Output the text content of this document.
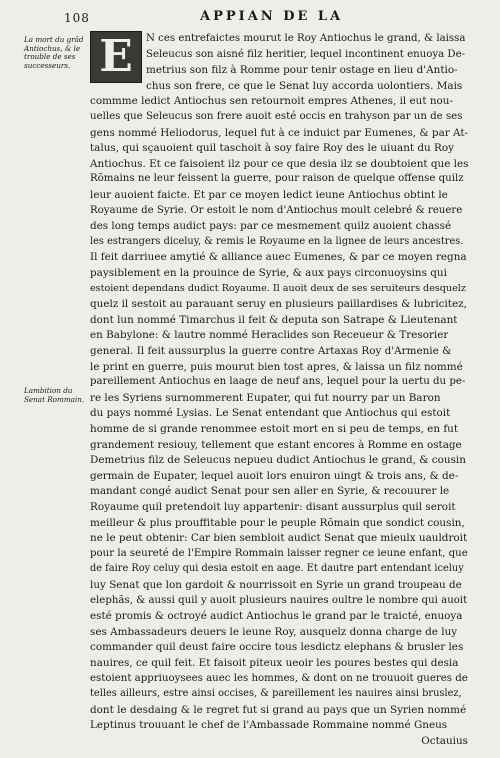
108	APPIAN DE LA
La mort du grãd Antiochus, & le trouble de ses successeurs.
Lambition du Senat Rommain.
E	N ces entrefaictes mourut le Roy Antiochus le grand, & laissa
Seleucus son aisné filz heritier, lequel incontinent enuoya De-
metrius son filz à Romme pour tenir ostage en lieu d'Antio-
chus son frere, ce que le Senat luy accorda uolontiers. Mais
commme ledict Antiochus sen retournoit empres Athenes, il eut nou-
uelles que Seleucus son frere auoit esté occis en trahyson par un de ses
gens nommé Heliodorus, lequel fut à ce induict par Eumenes, & par At-
talus, qui sçauoient quil taschoit à soy faire Roy des le uiuant du Roy
Antiochus. Et ce faisoient ilz pour ce que desia ilz se doubtoient que les
Rõmains ne leur feissent la guerre, pour raison de quelque offense quilz
leur auoient faicte. Et par ce moyen ledict ieune Antiochus obtint le
Royaume de Syrie. Or estoit le nom d'Antiochus moult celebré & reuere
des long temps audict pays: par ce mesmement quilz auoient chassé
les estrangers diceluy, & remis le Royaume en la lignee de leurs ancestres.
Il feit darriuee amytié & alliance auec Eumenes, & par ce moyen regna
paysiblement en la prouince de Syrie, & aux pays circonuoysins qui
estoient dependans dudict Royaume. Il auoit deux de ses seruiteurs desquelz
quelz il sestoit au parauant seruy en plusieurs paillardises & lubricitez,
dont lun nommé Timarchus il feit & deputa son Satrape & Lieutenant
en Babylone: & lautre nommé Heraclides son Receueur & Tresorier
general. Il feit aussurplus la guerre contre Artaxas Roy d'Armenie &
le print en guerre, puis mourut bien tost apres, & laissa un filz nommé
pareillement Antiochus en laage de neuf ans, lequel pour la uertu du pe-
re les Syriens surnommerent Eupater, qui fut nourry par un Baron
du pays nommé Lysias. Le Senat entendant que Antiochus qui estoit
homme de si grande renommee estoit mort en si peu de temps, en fut
grandement resiouy, tellement que estant encores à Romme en ostage
Demetrius filz de Seleucus nepueu dudict Antiochus le grand, & cousin
germain de Eupater, lequel auoit lors enuiron uingt & trois ans, & de-
mandant congé audict Senat pour sen aller en Syrie, & recouurer le
Royaume quil pretendoit luy appartenir: disant aussurplus quil seroit
meilleur & plus prouffitable pour le peuple Rõmain que sondict cousin,
ne le peut obtenir: Car bien sembloit audict Senat que mieulx uauldroit
pour la seureté de l'Empire Rommain laisser regner ce ieune enfant, que
de faire Roy celuy qui desia estoit en aage. Et dautre part entendant iceluy
luy Senat que lon gardoit & nourrissoit en Syrie un grand troupeau de
elephãs, & aussi quil y auoit plusieurs nauires oultre le nombre qui auoit
esté promis & octroyé audict Antiochus le grand par le traicté, enuoya
ses Ambassadeurs deuers le ieune Roy, ausquelz donna charge de luy
commander quil deust faire occire tous lesdictz elephans & brusler les
nauires, ce quil feit. Et faisoit piteux ueoir les poures bestes qui desia
estoient appriuoysees auec les hommes, & dont on ne trouuoit gueres de
telles ailleurs, estre ainsi occises, & pareillement les nauires ainsi bruslez,
dont le desdaing & le regret fut si grand au pays que un Syrien nommé
Leptinus trouuant le chef de l'Ambassade Rommaine nommé Gneus
Octauius
